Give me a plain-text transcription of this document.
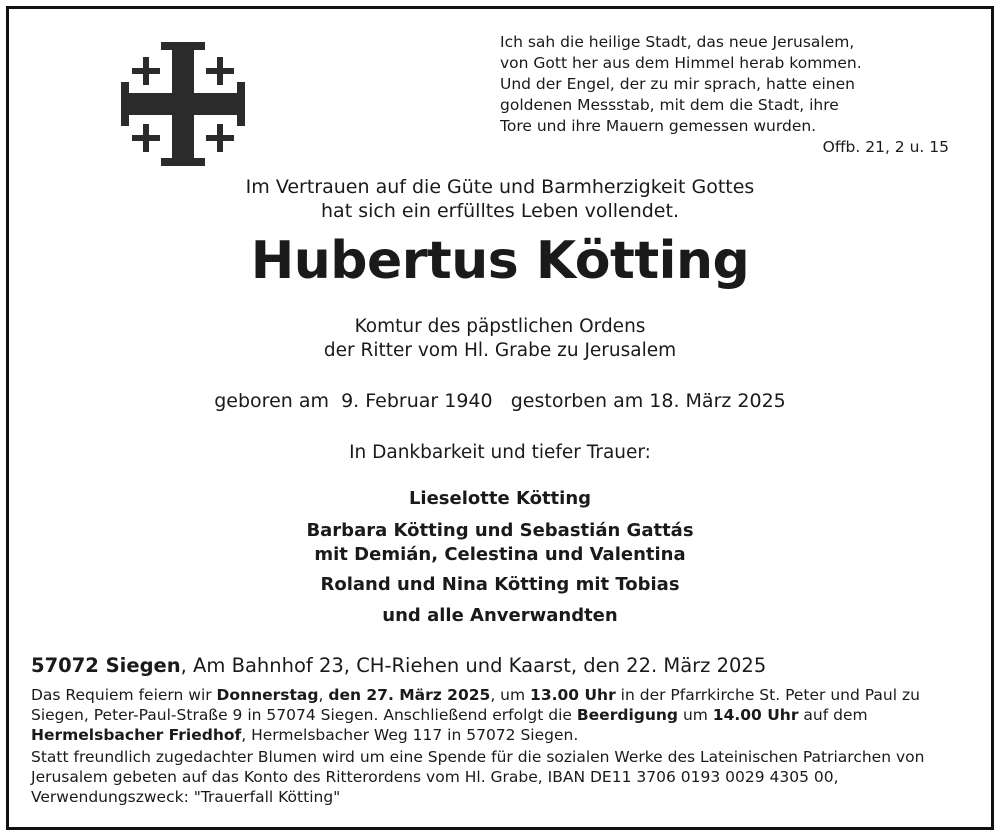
Ich sah die heilige Stadt, das neue Jerusalem,
von Gott her aus dem Himmel herab kommen.
Und der Engel, der zu mir sprach, hatte einen
goldenen Messstab, mit dem die Stadt, ihre
Tore und ihre Mauern gemessen wurden.
Offb. 21, 2 u. 15
Im Vertrauen auf die Güte und Barmherzigkeit Gottes
hat sich ein erfülltes Leben vollendet.
Hubertus Kötting
Komtur des päpstlichen Ordens
der Ritter vom Hl. Grabe zu Jerusalem
geboren am  9. Februar 1940 gestorben am 18. März 2025
In Dankbarkeit und tiefer Trauer:
Lieselotte Kötting
Barbara Kötting und Sebastián Gattás
mit Demián, Celestina und Valentina
Roland und Nina Kötting mit Tobias
und alle Anverwandten
57072 Siegen, Am Bahnhof 23, CH-Riehen und Kaarst, den 22. März 2025
Das Requiem feiern wir Donnerstag, den 27. März 2025, um 13.00 Uhr in der Pfarrkirche St. Peter und Paul zu Siegen, Peter-Paul-Straße 9 in 57074 Siegen. Anschließend erfolgt die Beerdigung um 14.00 Uhr auf dem Hermelsbacher Friedhof, Hermelsbacher Weg 117 in 57072 Siegen.
Statt freundlich zugedachter Blumen wird um eine Spende für die sozialen Werke des Lateinischen Patriarchen von Jerusalem gebeten auf das Konto des Ritterordens vom Hl. Grabe, IBAN DE11 3706 0193 0029 4305 00, Verwendungszweck: "Trauerfall Kötting"
